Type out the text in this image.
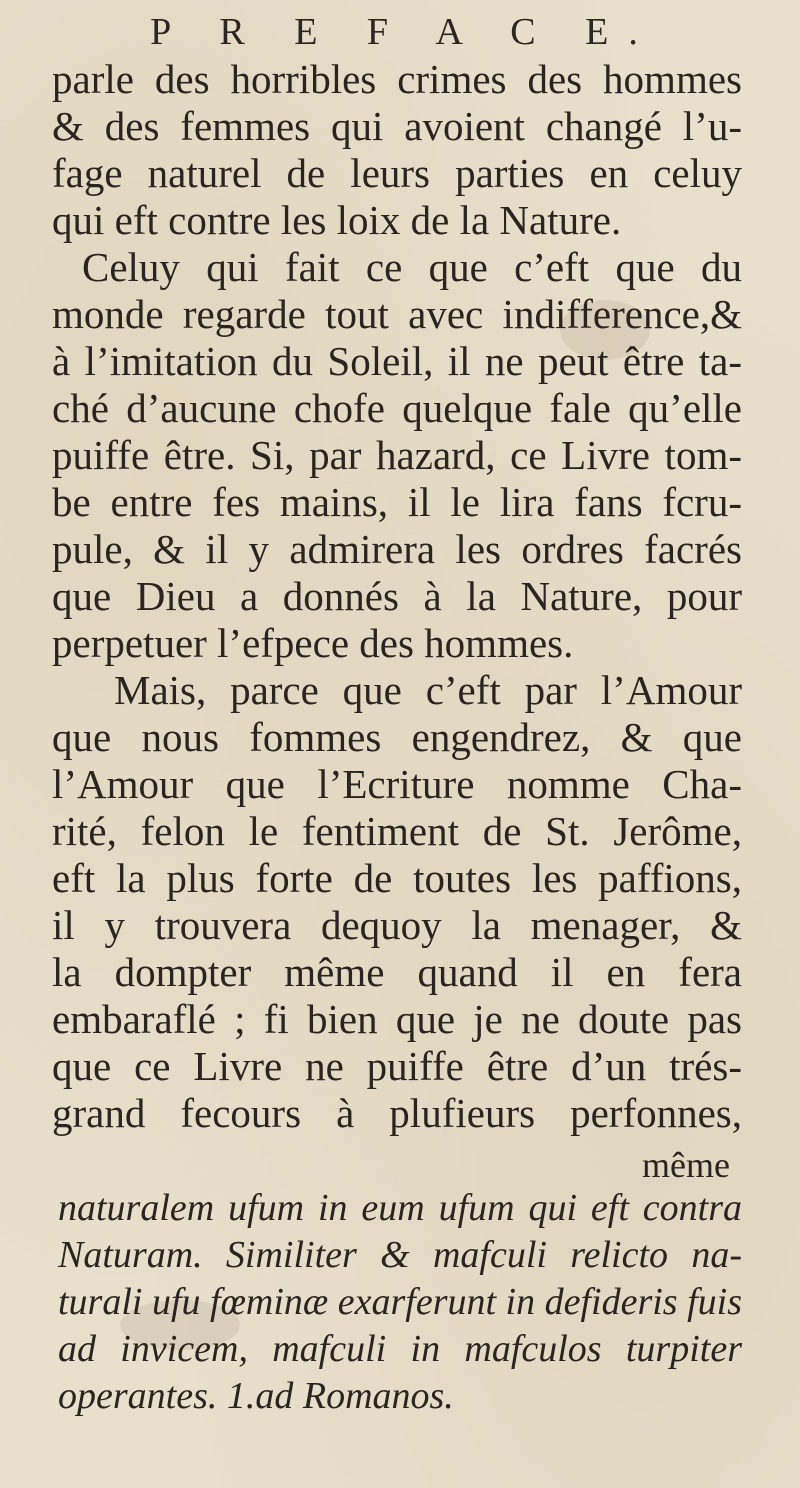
P R E F A C E.
parle des horribles crimes des hommes
& des femmes qui avoient changé l’u-
fage naturel de leurs parties en celuy
qui eft contre les loix de la Nature.
Celuy qui fait ce que c’eft que du
monde regarde tout avec indifference,&
à l’imitation du Soleil, il ne peut être ta-
ché d’aucune chofe quelque fale qu’elle
puiffe être. Si, par hazard, ce Livre tom-
be entre fes mains, il le lira fans fcru-
pule, & il y admirera les ordres facrés
que Dieu a donnés à la Nature, pour
perpetuer l’efpece des hommes.
Mais, parce que c’eft par l’Amour
que nous fommes engendrez, & que
l’Amour que l’Ecriture nomme Cha-
rité, felon le fentiment de St. Jerôme,
eft la plus forte de toutes les paffions,
il y trouvera dequoy la menager, &
la dompter même quand il en fera
embaraflé ; fi bien que je ne doute pas
que ce Livre ne puiffe être d’un trés-
grand fecours à plufieurs perfonnes,
même
naturalem ufum in eum ufum qui eft contra
Naturam. Similiter & mafculi relicto na-
turali ufu fœminæ exarferunt in defideris fuis
ad invicem, mafculi in mafculos turpiter
operantes. 1.ad Romanos.
